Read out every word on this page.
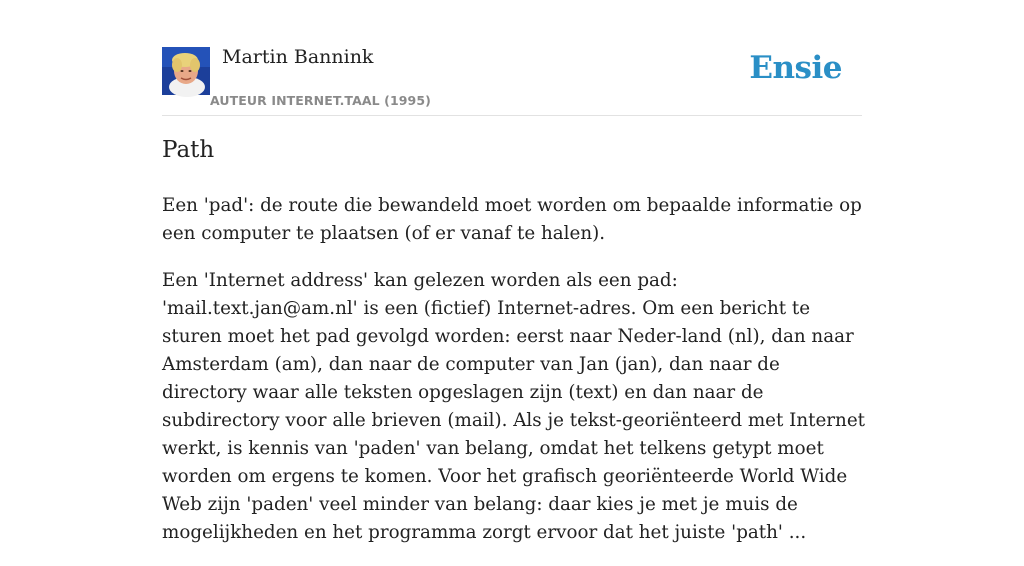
Martin Bannink
AUTEUR INTERNET.TAAL (1995)
Ensie
Path

Een 'pad': de route die bewandeld moet worden om bepaalde informatie op een computer te plaatsen (of er vanaf te halen).

Een 'Internet address' kan gelezen worden als een pad: 'mail.text.jan@am.nl' is een (fictief) Internet-adres. Om een bericht te sturen moet het pad gevolgd worden: eerst naar Neder-land (nl), dan naar Amsterdam (am), dan naar de computer van Jan (jan), dan naar de directory waar alle teksten opgeslagen zijn (text) en dan naar de subdirectory voor alle brieven (mail). Als je tekst-georiënteerd met Internet werkt, is kennis van 'paden' van belang, omdat het telkens getypt moet worden om ergens te komen. Voor het grafisch georiënteerde World Wide Web zijn 'paden' veel minder van belang: daar kies je met je muis de mogelijkheden en het programma zorgt ervoor dat het juiste 'path' ...
